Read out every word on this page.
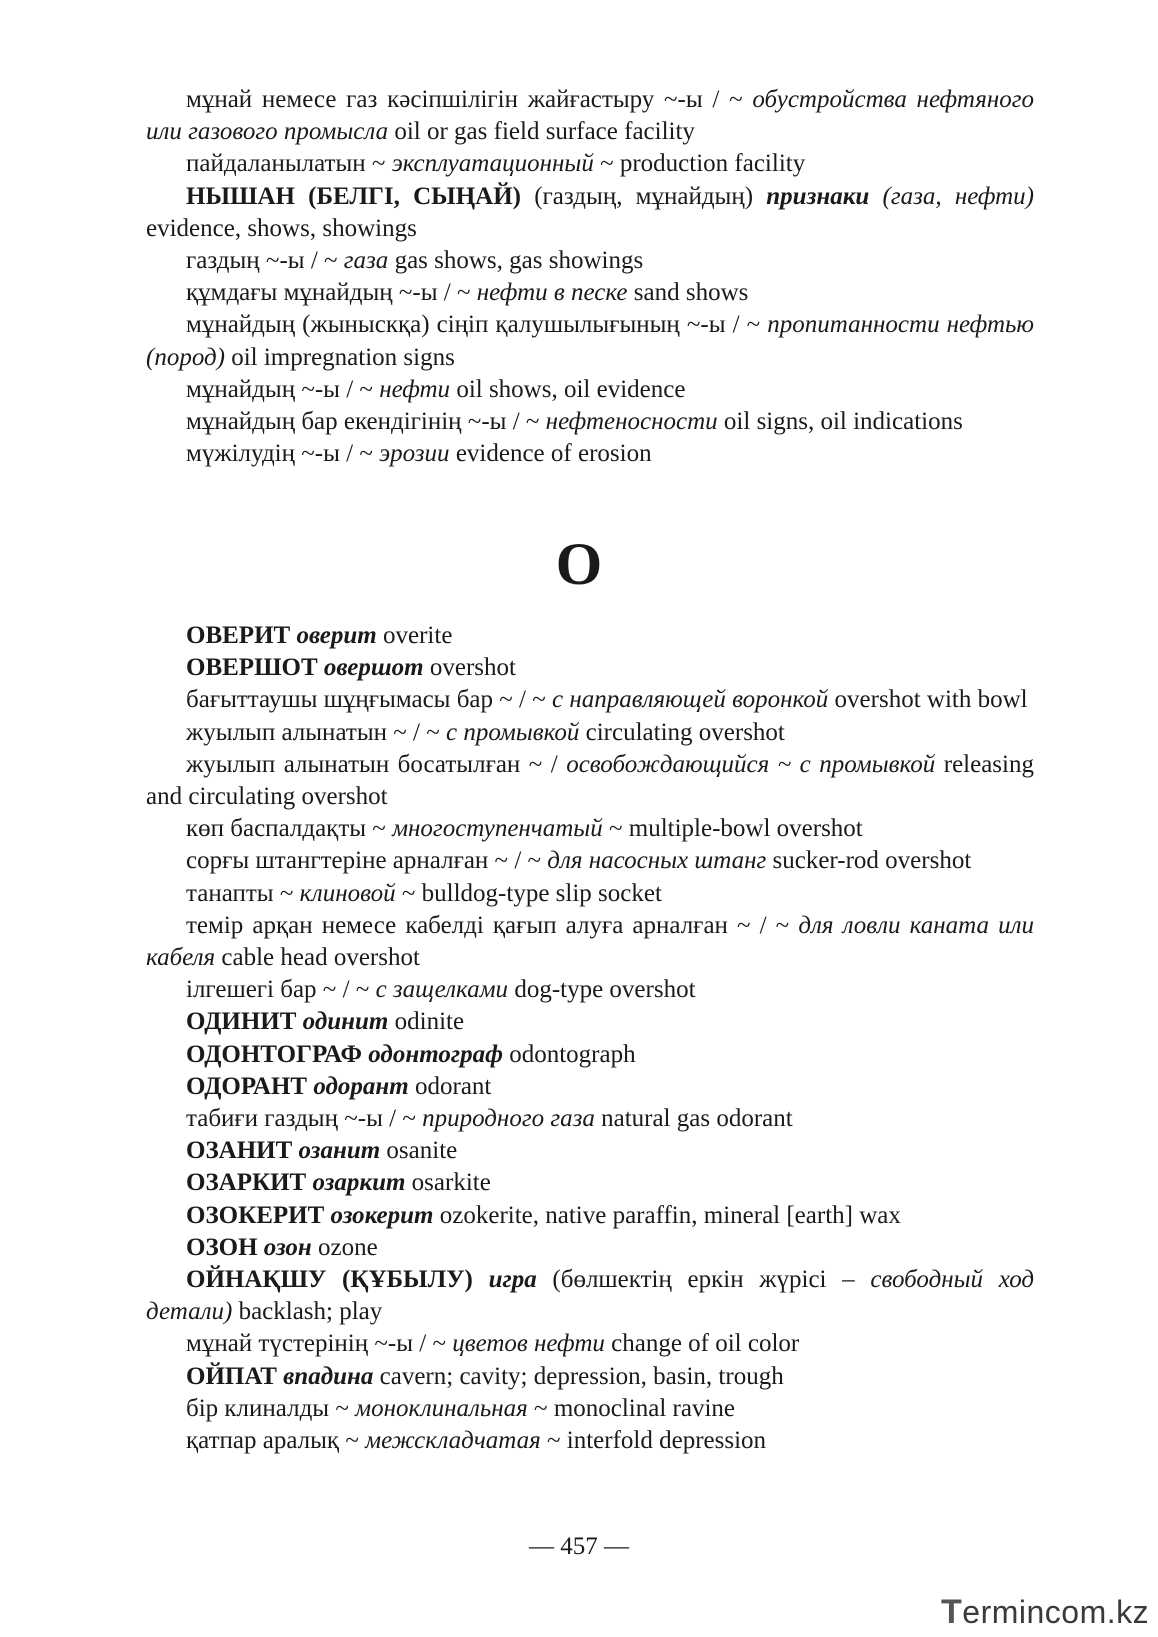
мұнай немесе газ кәсіпшілігін жайғастыру ~-ы / ~ обустройства нефтяного или газового промысла oil or gas field surface facility

пайдаланылатын ~ эксплуатационный ~ production facility

НЫШАН (БЕЛГІ, СЫҢАЙ) (газдың, мұнайдың) признаки (газа, нефти) evidence, shows, showings

газдың ~-ы / ~ газа gas shows, gas showings

құмдағы мұнайдың ~-ы / ~ нефти в песке sand shows

мұнайдың (жыныскқа) сіңіп қалушылығының ~-ы / ~ пропитанности нефтью (пород) oil impregnation signs

мұнайдың ~-ы / ~ нефти oil shows, oil evidence

мұнайдың бар екендігінің ~-ы / ~ нефтеносности oil signs, oil indications

мүжілудің ~-ы / ~ эрозии evidence of erosion

О

ОВЕРИТ оверит overite

ОВЕРШОТ овершот overshot

бағыттаушы шұңғымасы бар ~ / ~ с направляющей воронкой overshot with bowl

жуылып алынатын ~ / ~ с промывкой circulating overshot

жуылып алынатын босатылған ~ / освобождающийся ~ с промывкой releasing and circulating overshot

көп баспалдақты ~ многоступенчатый ~ multiple-bowl overshot

сорғы штангтеріне арналған ~ / ~ для насосных штанг sucker-rod overshot

танапты ~ клиновой ~ bulldog-type slip socket

темір арқан немесе кабелді қағып алуға арналған ~ / ~ для ловли каната или кабеля cable head overshot

ілгешегі бар ~ / ~ с защелками dog-type overshot

ОДИНИТ одинит odinite

ОДОНТОГРАФ одонтограф odontograph

ОДОРАНТ одорант odorant

табиғи газдың ~-ы / ~ природного газа natural gas odorant

ОЗАНИТ озанит osanite

ОЗАРКИТ озаркит osarkite

ОЗОКЕРИТ озокерит ozokerite, native paraffin, mineral [earth] wax

ОЗОН озон ozone

ОЙНАҚШУ (ҚҰБЫЛУ) игра (бөлшектің еркін жүрісі – свободный ход детали) backlash; play

мұнай түстерінің ~-ы / ~ цветов нефти change of oil color

ОЙПАТ впадина cavern; cavity; depression, basin, trough

бір клиналды ~ моноклинальная ~ monoclinal ravine

қатпар аралық ~ межскладчатая ~ interfold depression

— 457 —
Termincom.kz
